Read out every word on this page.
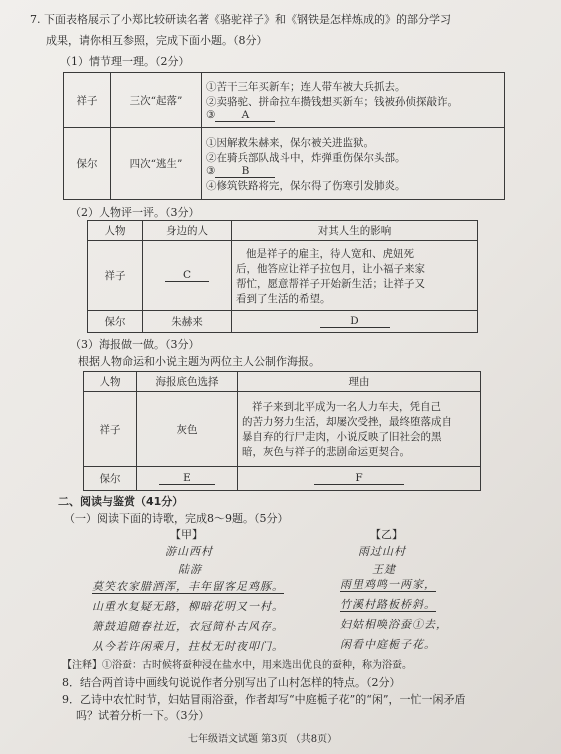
7. 下面表格展示了小郑比较研读名著《骆驼祥子》和《钢铁是怎样炼成的》的部分学习
成果，请你相互参照，完成下面小题。（8分）
（1）情节理一理。（2分）
祥子	三次“起落”	①苦干三年买新车；连人带车被大兵抓去。
②卖骆驼、拼命拉车攒钱想买新车；钱被孙侦探敲诈。
③ A

保尔	四次“逃生”	①因解救朱赫来，保尔被关进监狱。
②在骑兵部队战斗中，炸弹重伤保尔头部。
③ B
④修筑铁路将完，保尔得了伤寒引发肺炎。
（2）人物评一评。（3分）
人物	身边的人	对其人生的影响
祥子	C	他是祥子的雇主，待人宽和、虎妞死
后，他答应让祥子拉包月，让小福子来家
帮忙，愿意帮祥子开始新生活；让祥子又
看到了生活的希望。

保尔	朱赫来	D
（3）海报做一做。（3分）
根据人物命运和小说主题为两位主人公制作海报。
人物	海报底色选择	理由
祥子	灰色	祥子来到北平成为一名人力车夫，凭自己
的苦力努力生活，却屡次受挫，最终堕落成自
暴自弃的行尸走肉，小说反映了旧社会的黑
暗，灰色与祥子的悲剧命运更契合。

保尔	E	F
二、阅读与鉴赏（41分）
（一）阅读下面的诗歌，完成8～9题。（5分）
【甲】
游山西村
陆游
莫笑农家腊酒浑，丰年留客足鸡豚。
山重水复疑无路，柳暗花明又一村。
箫鼓追随春社近，衣冠简朴古风存。
从今若许闲乘月，拄杖无时夜叩门。
【乙】
雨过山村
王建
雨里鸡鸣一两家，
竹溪村路板桥斜。
妇姑相唤浴蚕①去，
闲看中庭栀子花。
【注释】①浴蚕：古时候将蚕种浸在盐水中，用来选出优良的蚕种，称为浴蚕。
8．结合两首诗中画线句说说作者分别写出了山村怎样的特点。（2分）
9．乙诗中农忙时节，妇姑冒雨浴蚕，作者却写“中庭栀子花”的“闲”，一忙一闲矛盾
吗？试着分析一下。（3分）
七年级语文试题 第3页 （共8页）
